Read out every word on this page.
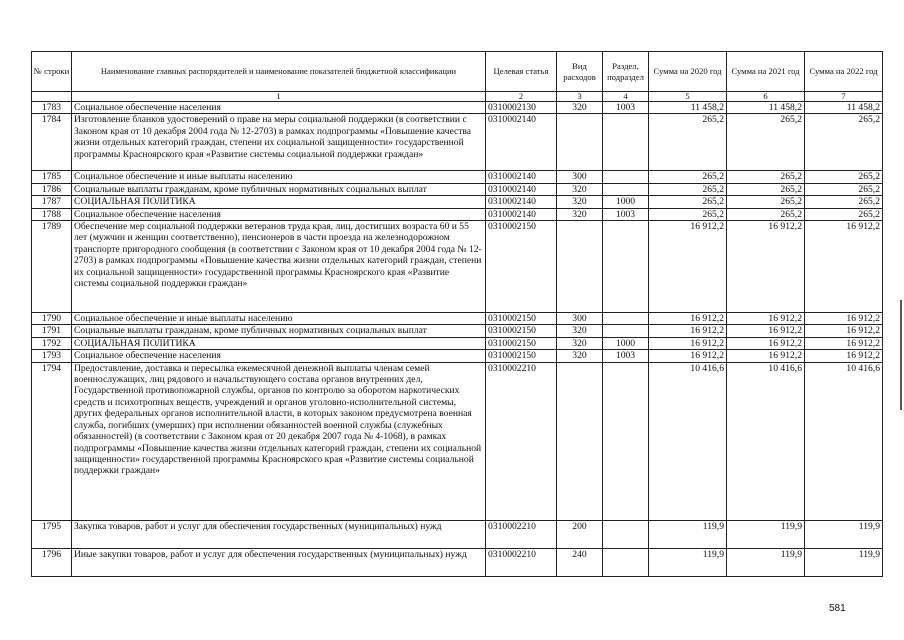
№ строки	Наименование главных распорядителей и наименование показателей бюджетной классификации	Целевая статья	Вид расходов	Раздел, подраздел	Сумма на 2020 год	Сумма на 2021 год	Сумма на 2022 год
	1	2	3	4	5	6	7
1783	Социальное обеспечение населения	0310002130	320	1003	11 458,2	11 458,2	11 458,2
1784	Изготовление бланков удостоверений о праве на меры социальной поддержки (в соответствии с Законом края от 10 декабря 2004 года № 12-2703) в рамках подпрограммы «Повышение качества жизни отдельных категорий граждан, степени их социальной защищенности» государственной программы Красноярского края «Развитие системы социальной поддержки граждан»	0310002140			265,2	265,2	265,2
1785	Социальное обеспечение и иные выплаты населению	0310002140	300		265,2	265,2	265,2
1786	Социальные выплаты гражданам, кроме публичных нормативных социальных выплат	0310002140	320		265,2	265,2	265,2
1787	СОЦИАЛЬНАЯ ПОЛИТИКА	0310002140	320	1000	265,2	265,2	265,2
1788	Социальное обеспечение населения	0310002140	320	1003	265,2	265,2	265,2
1789	Обеспечение мер социальной поддержки ветеранов труда края, лиц, достигших возраста 60 и 55 лет (мужчин и женщин соответственно), пенсионеров в части проезда на железнодорожном транспорте пригородного сообщения (в соответствии с Законом края от 10 декабря 2004 года № 12-2703) в рамках подпрограммы «Повышение качества жизни отдельных категорий граждан, степени их социальной защищенности» государственной программы Красноярского края «Развитие системы социальной поддержки граждан»	0310002150			16 912,2	16 912,2	16 912,2
1790	Социальное обеспечение и иные выплаты населению	0310002150	300		16 912,2	16 912,2	16 912,2
1791	Социальные выплаты гражданам, кроме публичных нормативных социальных выплат	0310002150	320		16 912,2	16 912,2	16 912,2
1792	СОЦИАЛЬНАЯ ПОЛИТИКА	0310002150	320	1000	16 912,2	16 912,2	16 912,2
1793	Социальное обеспечение населения	0310002150	320	1003	16 912,2	16 912,2	16 912,2
1794	Предоставление, доставка и пересылка ежемесячной денежной выплаты членам семей военнослужащих, лиц рядового и начальствующего состава органов внутренних дел, Государственной противопожарной службы, органов по контролю за оборотом наркотических средств и психотропных веществ, учреждений и органов уголовно-исполнительной системы, других федеральных органов исполнительной власти, в которых законом предусмотрена военная служба, погибших (умерших) при исполнении обязанностей военной службы (служебных обязанностей) (в соответствии с Законом края от 20 декабря 2007 года № 4-1068), в рамках подпрограммы «Повышение качества жизни отдельных категорий граждан, степени их социальной защищенности» государственной программы Красноярского края «Развитие системы социальной поддержки граждан»	0310002210			10 416,6	10 416,6	10 416,6
1795	Закупка товаров, работ и услуг для обеспечения государственных (муниципальных) нужд	0310002210	200		119,9	119,9	119,9
1796	Иные закупки товаров, работ и услуг для обеспечения государственных (муниципальных) нужд	0310002210	240		119,9	119,9	119,9
581
